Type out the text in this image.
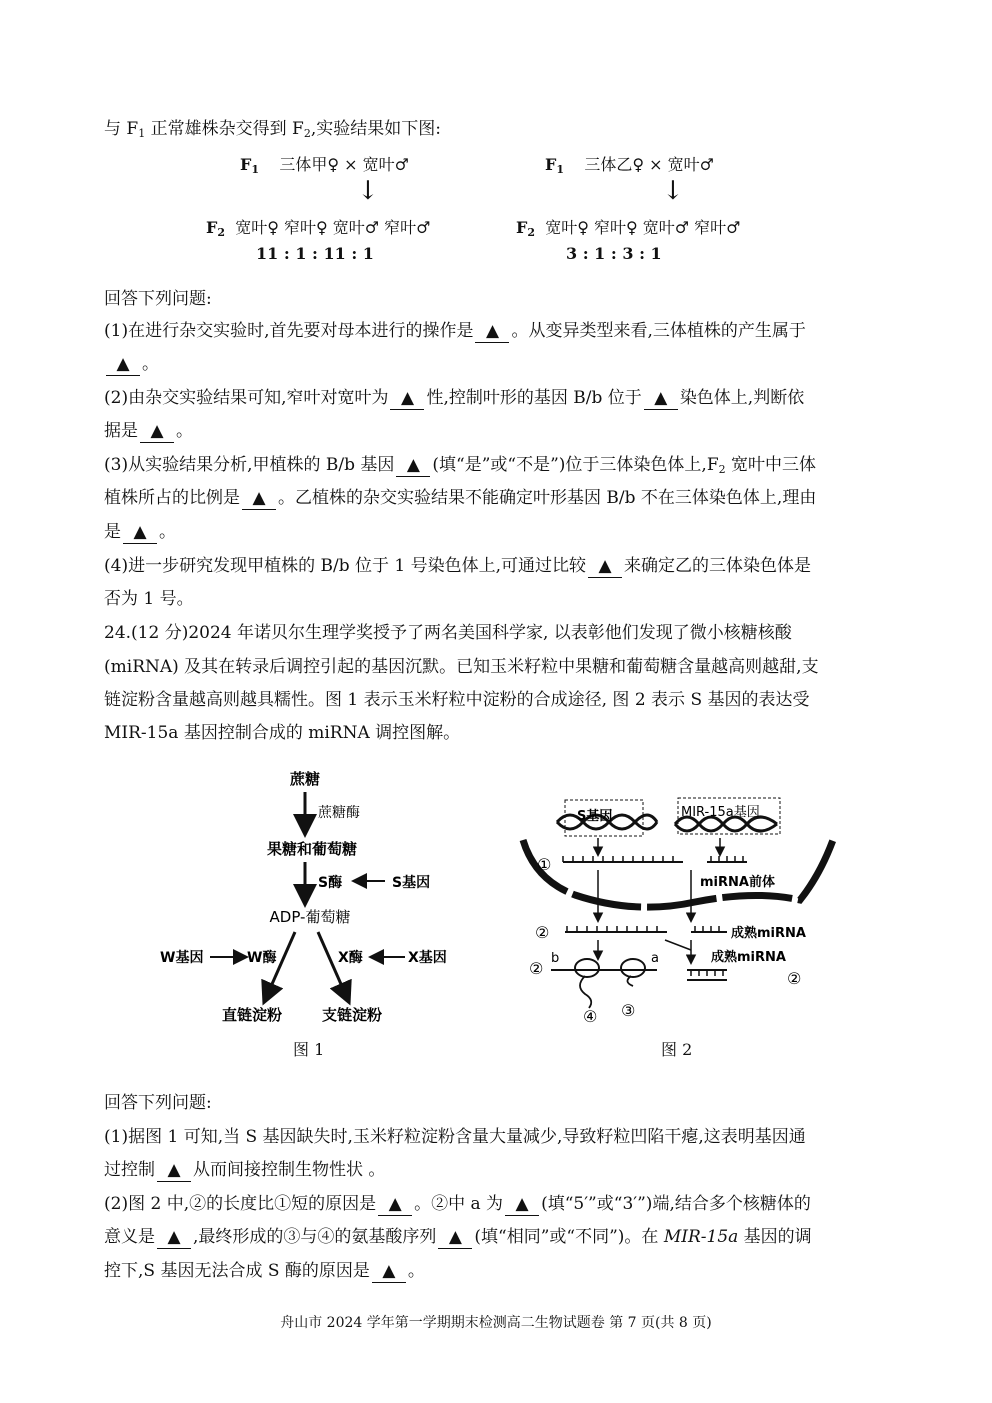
与 $F_1$ 正常雄株杂交得到 $F_2$,实验结果如下图:
$F_1$ 三体甲♀ × 宽叶♂
↓
$F_2$ 宽叶♀ 窄叶♀ 宽叶♂ 窄叶♂
11 : 1 : 11 : 1
$F_1$ 三体乙♀ × 宽叶♂
↓
$F_2$ 宽叶♀ 窄叶♀ 宽叶♂ 窄叶♂
3 : 1 : 3 : 1
回答下列问题:
(1)在进行杂交实验时,首先要对母本进行的操作是 ▲ 。从变异类型来看,三体植株的产生属于
▲ 。
(2)由杂交实验结果可知,窄叶对宽叶为 ▲ 性,控制叶形的基因 B/b 位于 ▲ 染色体上,判断依
据是 ▲ 。
(3)从实验结果分析,甲植株的 B/b 基因 ▲ (填“是”或“不是”)位于三体染色体上$,F_2$ 宽叶中三体
植株所占的比例是 ▲ 。乙植株的杂交实验结果不能确定叶形基因 B/b 不在三体染色体上,理由
是 ▲ 。
(4)进一步研究发现甲植株的 B/b 位于 1 号染色体上,可通过比较 ▲ 来确定乙的三体染色体是
否为 1 号。
24.(12 分)2024 年诺贝尔生理学奖授予了两名美国科学家, 以表彰他们发现了微小核糖核酸
(miRNA) 及其在转录后调控引起的基因沉默。已知玉米籽粒中果糖和葡萄糖含量越高则越甜,支
链淀粉含量越高则越具糯性。图 1 表示玉米籽粒中淀粉的合成途径, 图 2 表示 S 基因的表达受
MIR-15a 基因控制合成的 miRNA 调控图解。
蔗糖
蔗糖酶
果糖和葡萄糖
S酶	S基因
ADP-葡萄糖
W基因	W酶	X酶	X基因
直链淀粉	支链淀粉
图 1
S基因	MIR-15a基因
①
miRNA前体
②	成熟miRNA
成熟miRNA
②
②
b	a
④ ③
图 2
回答下列问题:
(1)据图 1 可知,当 S 基因缺失时,玉米籽粒淀粉含量大量减少,导致籽粒凹陷干瘪,这表明基因通
过控制 ▲ 从而间接控制生物性状 。
(2)图 2 中,②的长度比①短的原因是 ▲ 。②中 a 为 ▲ (填“5′”或“3′”)端,结合多个核糖体的
意义是 ▲ ,最终形成的③与④的氨基酸序列 ▲ (填“相同”或“不同”)。在 MIR-15a 基因的调
控下,S 基因无法合成 S 酶的原因是 ▲ 。
舟山市 2024 学年第一学期期末检测高二生物试题卷 第 7 页(共 8 页)
